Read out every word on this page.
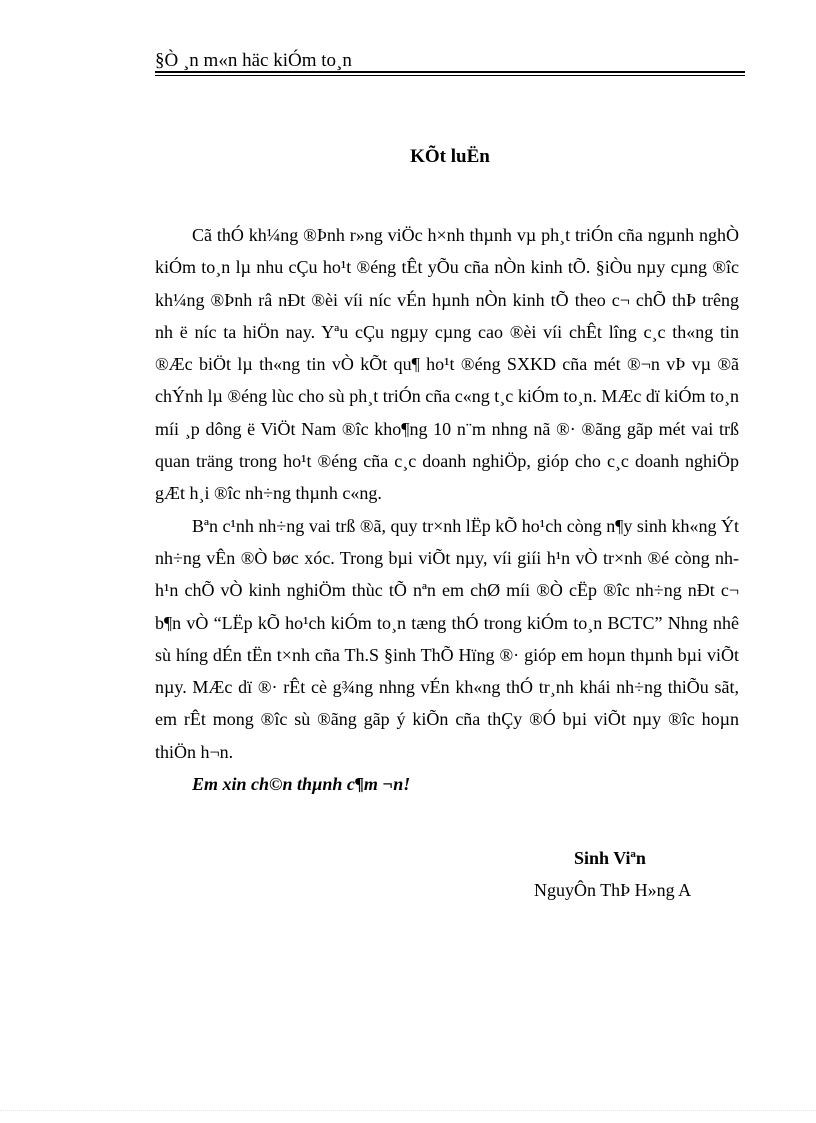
§Ò ¸n m«n häc kiÓm to¸n
KÕt luËn

Cã thÓ kh¼ng ®Þnh r»ng viÖc h×nh thµnh vµ ph¸t triÓn cña ngµnh nghÒ kiÓm to¸n lµ nhu cÇu ho¹t ®éng tÊt yÕu cña nÒn kinh tÕ. §iÒu nµy cµng ®îc kh¼ng ®Þnh râ nÐt ®èi víi níc vÉn hµnh nÒn kinh tÕ theo c¬ chÕ thÞ trêng nh ë níc ta hiÖn nay. Yªu cÇu ngµy cµng cao ®èi víi chÊt lîng c¸c th«ng tin ®Æc biÖt lµ th«ng tin vÒ kÕt qu¶ ho¹t ®éng SXKD cña mét ®¬n vÞ vµ ®ã chÝnh lµ ®éng lùc cho sù ph¸t triÓn cña c«ng t¸c kiÓm to¸n. MÆc dï kiÓm to¸n míi ¸p dông ë ViÖt Nam ®îc kho¶ng 10 n¨m nhng nã ®· ®ãng gãp mét vai trß quan träng trong ho¹t ®éng cña c¸c doanh nghiÖp, gióp cho c¸c doanh nghiÖp gÆt h¸i ®îc nh÷ng thµnh c«ng.

Bªn c¹nh nh÷ng vai trß ®ã, quy tr×nh lËp kÕ ho¹ch còng n¶y sinh kh«ng Ýt nh÷ng vÊn ®Ò bøc xóc. Trong bµi viÕt nµy, víi giíi h¹n vÒ tr×nh ®é còng nh h¹n chÕ vÒ kinh nghiÖm thùc tÕ nªn em chØ míi ®Ò cËp ®îc nh÷ng nÐt c¬ b¶n vÒ “LËp kÕ ho¹ch kiÓm to¸n tæng thÓ trong kiÓm to¸n BCTC” Nhng nhê sù híng dÉn tËn t×nh cña Th.S §inh ThÕ Hïng ®· gióp em hoµn thµnh bµi viÕt nµy. MÆc dï ®· rÊt cè g¾ng nhng vÉn kh«ng thÓ tr¸nh khái nh÷ng thiÕu sãt, em rÊt mong ®îc sù ®ãng gãp ý kiÕn cña thÇy ®Ó bµi viÕt nµy ®îc hoµn thiÖn h¬n.

Em xin ch©n thµnh c¶m ¬n!

Sinh Viªn
NguyÔn ThÞ H»ng A
